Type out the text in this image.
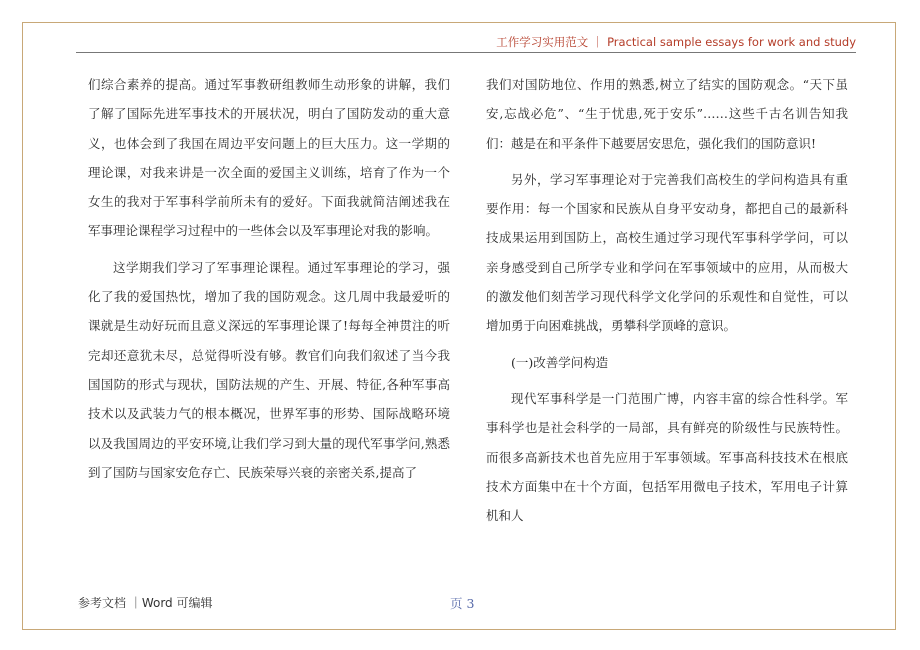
工作学习实用范文 ｜ Practical sample essays for work and study

们综合素养的提高。通过军事教研组教师生动形象的讲解，我们了解了国际先进军事技术的开展状况，明白了国防发动的重大意义，也体会到了我国在周边平安问题上的巨大压力。这一学期的理论课，对我来讲是一次全面的爱国主义训练，培育了作为一个女生的我对于军事科学前所未有的爱好。下面我就简洁阐述我在军事理论课程学习过程中的一些体会以及军事理论对我的影响。

这学期我们学习了军事理论课程。通过军事理论的学习，强化了我的爱国热忱，增加了我的国防观念。这几周中我最爱听的课就是生动好玩而且意义深远的军事理论课了!每每全神贯注的听完却还意犹未尽，总觉得听没有够。教官们向我们叙述了当今我国国防的形式与现状，国防法规的产生、开展、特征,各种军事高技术以及武装力气的根本概况，世界军事的形势、国际战略环境以及我国周边的平安环境,让我们学习到大量的现代军事学问,熟悉到了国防与国家安危存亡、民族荣辱兴衰的亲密关系,提高了

我们对国防地位、作用的熟悉,树立了结实的国防观念。“天下虽安,忘战必危”、“生于忧患,死于安乐”……这些千古名训告知我们：越是在和平条件下越要居安思危，强化我们的国防意识!

另外，学习军事理论对于完善我们高校生的学问构造具有重要作用：每一个国家和民族从自身平安动身，都把自己的最新科技成果运用到国防上，高校生通过学习现代军事科学学问，可以亲身感受到自己所学专业和学问在军事领域中的应用，从而极大的激发他们刻苦学习现代科学文化学问的乐观性和自觉性，可以增加勇于向困难挑战，勇攀科学顶峰的意识。

(一)改善学问构造

现代军事科学是一门范围广博，内容丰富的综合性科学。军事科学也是社会科学的一局部，具有鲜亮的阶级性与民族特性。而很多高新技术也首先应用于军事领域。军事高科技技术在根底技术方面集中在十个方面，包括军用微电子技术，军用电子计算机和人

参考文档 ｜Word 可编辑	页 3
